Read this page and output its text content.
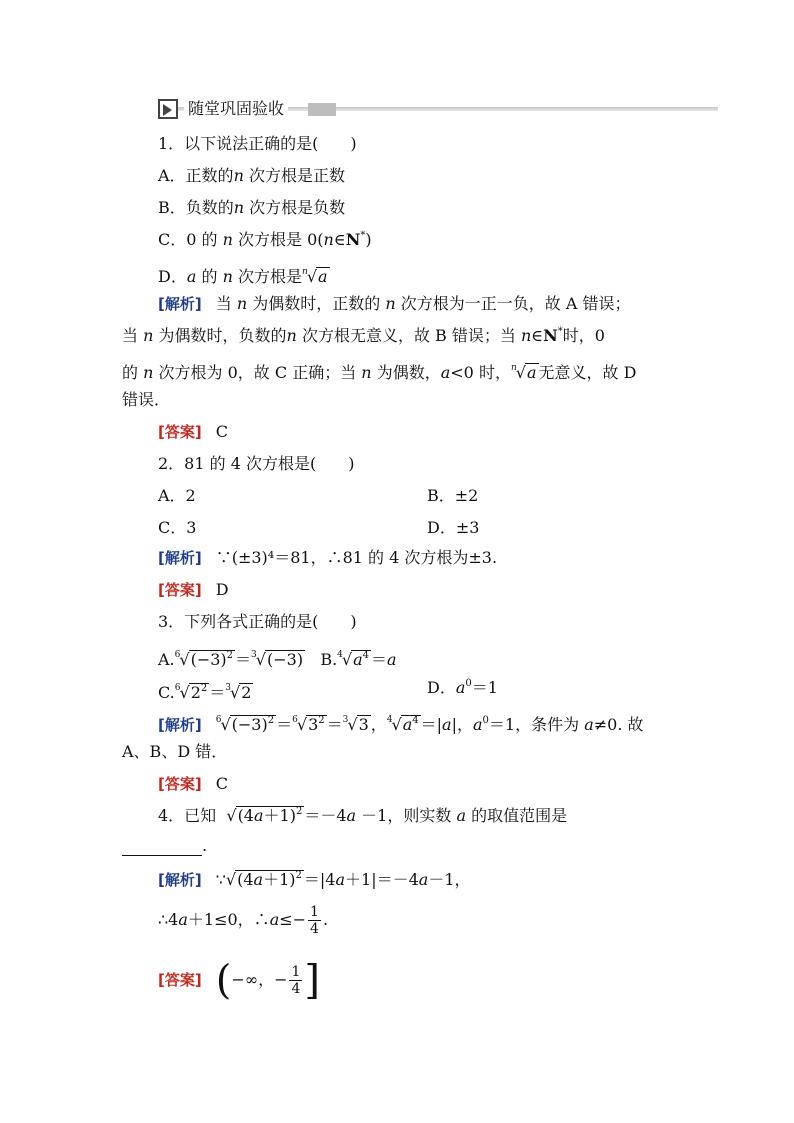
随堂巩固验收
1．以下说法正确的是(　　)
A．正数的n 次方根是正数
B．负数的n 次方根是负数
C．0 的 n 次方根是 0(n∈N*)
D．a 的 n 次方根是$^n$√a
[解析] 当 n 为偶数时，正数的 n 次方根为一正一负，故 A 错误；
当 n 为偶数时，负数的n 次方根无意义，故 B 错误；当 n∈N*时，0
的 n 次方根为 0，故 C 正确；当 n 为偶数，a<0 时，$^n$√a 无意义，故 D
错误．
[答案] C
2．81 的 4 次方根是(　　)
A．2	B．±2
C．3	D．±3
[解析] ∵(±3)⁴＝81，∴81 的 4 次方根为±3.
[答案] D
3．下列各式正确的是(　　)
$A.^6√(-3)^2 =^3√(-3)$   $B.^4√a^4 =a$
$C.^6√2^2 =^3√2$	D．$a^0=1$
[解析] $^6√(-3)^2 =^6√3^2 =^3√3$ ，$^4√a^4 =|a|$，$a^0=1$，条件为 a≠0. 故
A、B、D 错．
[答案] C
4．已知 $√(4a+1)^2 =-4a -1$，则实数 a 的取值范围是
.
[解析] $\because√(4a+1)^2 =|4a+1|=-4a-1$，
∴4a＋1≤0，∴a≤− $\frac{1}{4}$ .
[答案] (−∞，− $\frac{1}{4}$ ]
